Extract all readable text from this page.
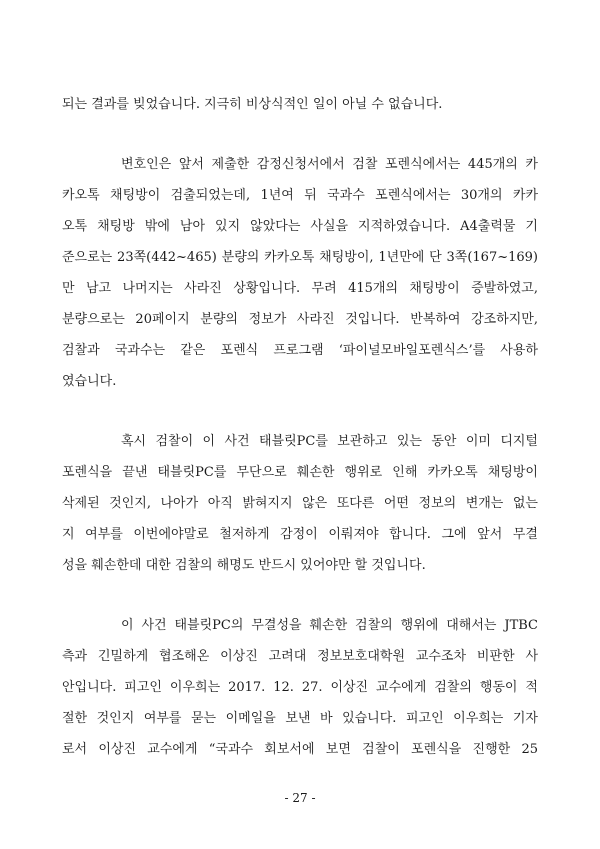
되는 결과를 빚었습니다. 지극히 비상식적인 일이 아닐 수 없습니다.
변호인은 앞서 제출한 감정신청서에서 검찰 포렌식에서는 445개의 카
카오톡 채팅방이 검출되었는데, 1년여 뒤 국과수 포렌식에서는 30개의 카카
오톡 채팅방 밖에 남아 있지 않았다는 사실을 지적하였습니다. A4출력물 기
준으로는 23쪽(442~465) 분량의 카카오톡 채팅방이, 1년만에 단 3쪽(167~169)
만 남고 나머지는 사라진 상황입니다. 무려 415개의 채팅방이 증발하였고,
분량으로는 20페이지 분량의 정보가 사라진 것입니다. 반복하여 강조하지만,
검찰과 국과수는 같은 포렌식 프로그램 ‘파이널모바일포렌식스’를 사용하
였습니다.
혹시 검찰이 이 사건 태블릿PC를 보관하고 있는 동안 이미 디지털
포렌식을 끝낸 태블릿PC를 무단으로 훼손한 행위로 인해 카카오톡 채팅방이
삭제된 것인지, 나아가 아직 밝혀지지 않은 또다른 어떤 정보의 변개는 없는
지 여부를 이번에야말로 철저하게 감정이 이뤄져야 합니다. 그에 앞서 무결
성을 훼손한데 대한 검찰의 해명도 반드시 있어야만 할 것입니다.
이 사건 태블릿PC의 무결성을 훼손한 검찰의 행위에 대해서는 JTBC
측과 긴밀하게 협조해온 이상진 고려대 정보보호대학원 교수조차 비판한 사
안입니다. 피고인 이우희는 2017. 12. 27. 이상진 교수에게 검찰의 행동이 적
절한 것인지 여부를 묻는 이메일을 보낸 바 있습니다. 피고인 이우희는 기자
로서 이상진 교수에게 “국과수 회보서에 보면 검찰이 포렌식을 진행한 25
- 27 -
